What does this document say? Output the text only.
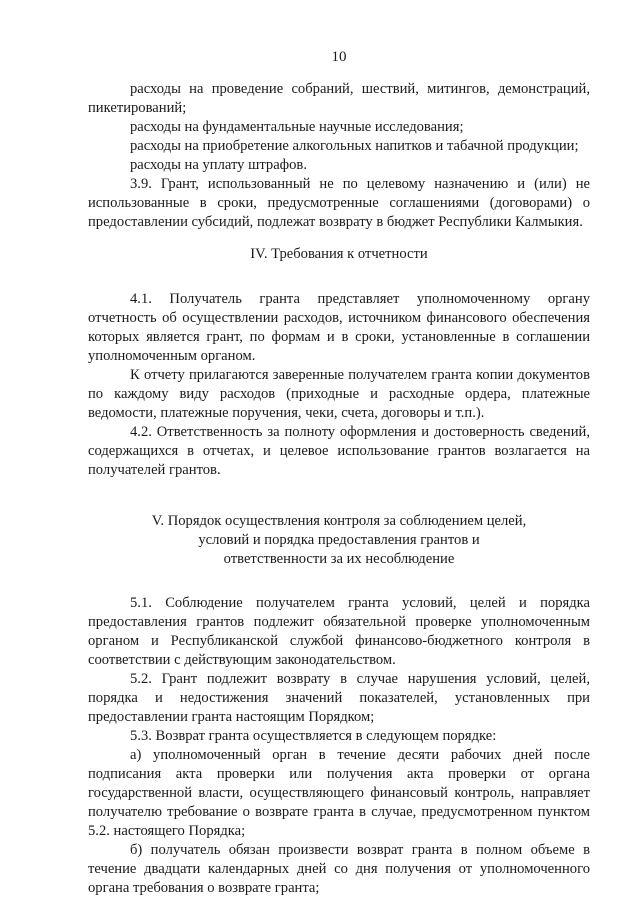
10

расходы на проведение собраний, шествий, митингов, демонстраций, пикетирований;

расходы на фундаментальные научные исследования;

расходы на приобретение алкогольных напитков и табачной продукции;

расходы на уплату штрафов.

3.9. Грант, использованный не по целевому назначению и (или) не использованные в сроки, предусмотренные соглашениями (договорами) о предоставлении субсидий, подлежат возврату в бюджет Республики Калмыкия.

IV. Требования к отчетности

4.1. Получатель гранта представляет уполномоченному органу отчетность об осуществлении расходов, источником финансового обеспечения которых является грант, по формам и в сроки, установленные в соглашении уполномоченным органом.

К отчету прилагаются заверенные получателем гранта копии документов по каждому виду расходов (приходные и расходные ордера, платежные ведомости, платежные поручения, чеки, счета, договоры и т.п.).

4.2. Ответственность за полноту оформления и достоверность сведений, содержащихся в отчетах, и целевое использование грантов возлагается на получателей грантов.

V. Порядок осуществления контроля за соблюдением целей,
условий и порядка предоставления грантов и
ответственности за их несоблюдение

5.1. Соблюдение получателем гранта условий, целей и порядка предоставления грантов подлежит обязательной проверке уполномоченным органом и Республиканской службой финансово-бюджетного контроля в соответствии с действующим законодательством.

5.2. Грант подлежит возврату в случае нарушения условий, целей, порядка и недостижения значений показателей, установленных при предоставлении гранта настоящим Порядком;

5.3. Возврат гранта осуществляется в следующем порядке:

а) уполномоченный орган в течение десяти рабочих дней после подписания акта проверки или получения акта проверки от органа государственной власти, осуществляющего финансовый контроль, направляет получателю требование о возврате гранта в случае, предусмотренном пунктом 5.2. настоящего Порядка;

б) получатель обязан произвести возврат гранта в полном объеме в течение двадцати календарных дней со дня получения от уполномоченного органа требования о возврате гранта;
